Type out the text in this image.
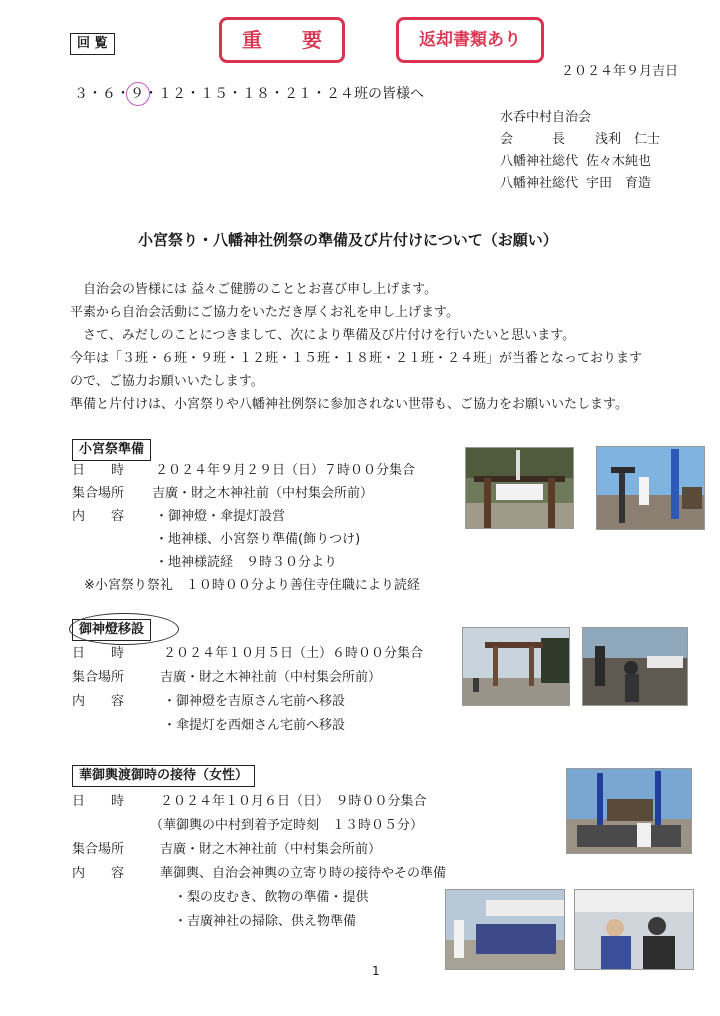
回 覧	重　　要	返却書類あり
２０２４年９月吉日
３・６・９・１２・１５・１８・２１・２４班の皆様へ
水呑中村自治会
会　　　長 浅利　仁士
八幡神社総代 佐々木純也
八幡神社総代 宇田　育造
小宮祭り・八幡神社例祭の準備及び片付けについて（お願い）
　自治会の皆様には 益々ご健勝のこととお喜び申し上げます。
平素から自治会活動にご協力をいただき厚くお礼を申し上げます。
　さて、みだしのことにつきまして、次により準備及び片付けを行いたいと思います。
今年は「３班・６班・９班・１２班・１５班・１８班・２１班・２４班」が当番となっております
ので、ご協力お願いいたします。
準備と片付けは、小宮祭りや八幡神社例祭に参加されない世帯も、ご協力をお願いいたします。
小宮祭準備
日　　時 ２０２４年９月２９日（日）７時００分集合
集合場所 吉廣・財之木神社前（中村集会所前）
内　　容 ・御神燈・傘提灯設営
・地神様、小宮祭り準備(飾りつけ)
・地神様読経　９時３０分より
※小宮祭り祭礼　１０時００分より善住寺住職により読経
御神燈移設
日　　時	２０２４年１０月５日（土）６時００分集合
集合場所	吉廣・財之木神社前（中村集会所前）
内　　容	・御神燈を吉原さん宅前へ移設
・傘提灯を西畑さん宅前へ移設
華御輿渡御時の接待（女性）
日　　時	２０２４年１０月６日（日）　９時００分集合
（華御輿の中村到着予定時刻　１３時０５分）
集合場所	吉廣・財之木神社前（中村集会所前）
内　　容	華御輿、自治会神輿の立寄り時の接待やその準備
・梨の皮むき、飲物の準備・提供
・吉廣神社の掃除、供え物準備
1
